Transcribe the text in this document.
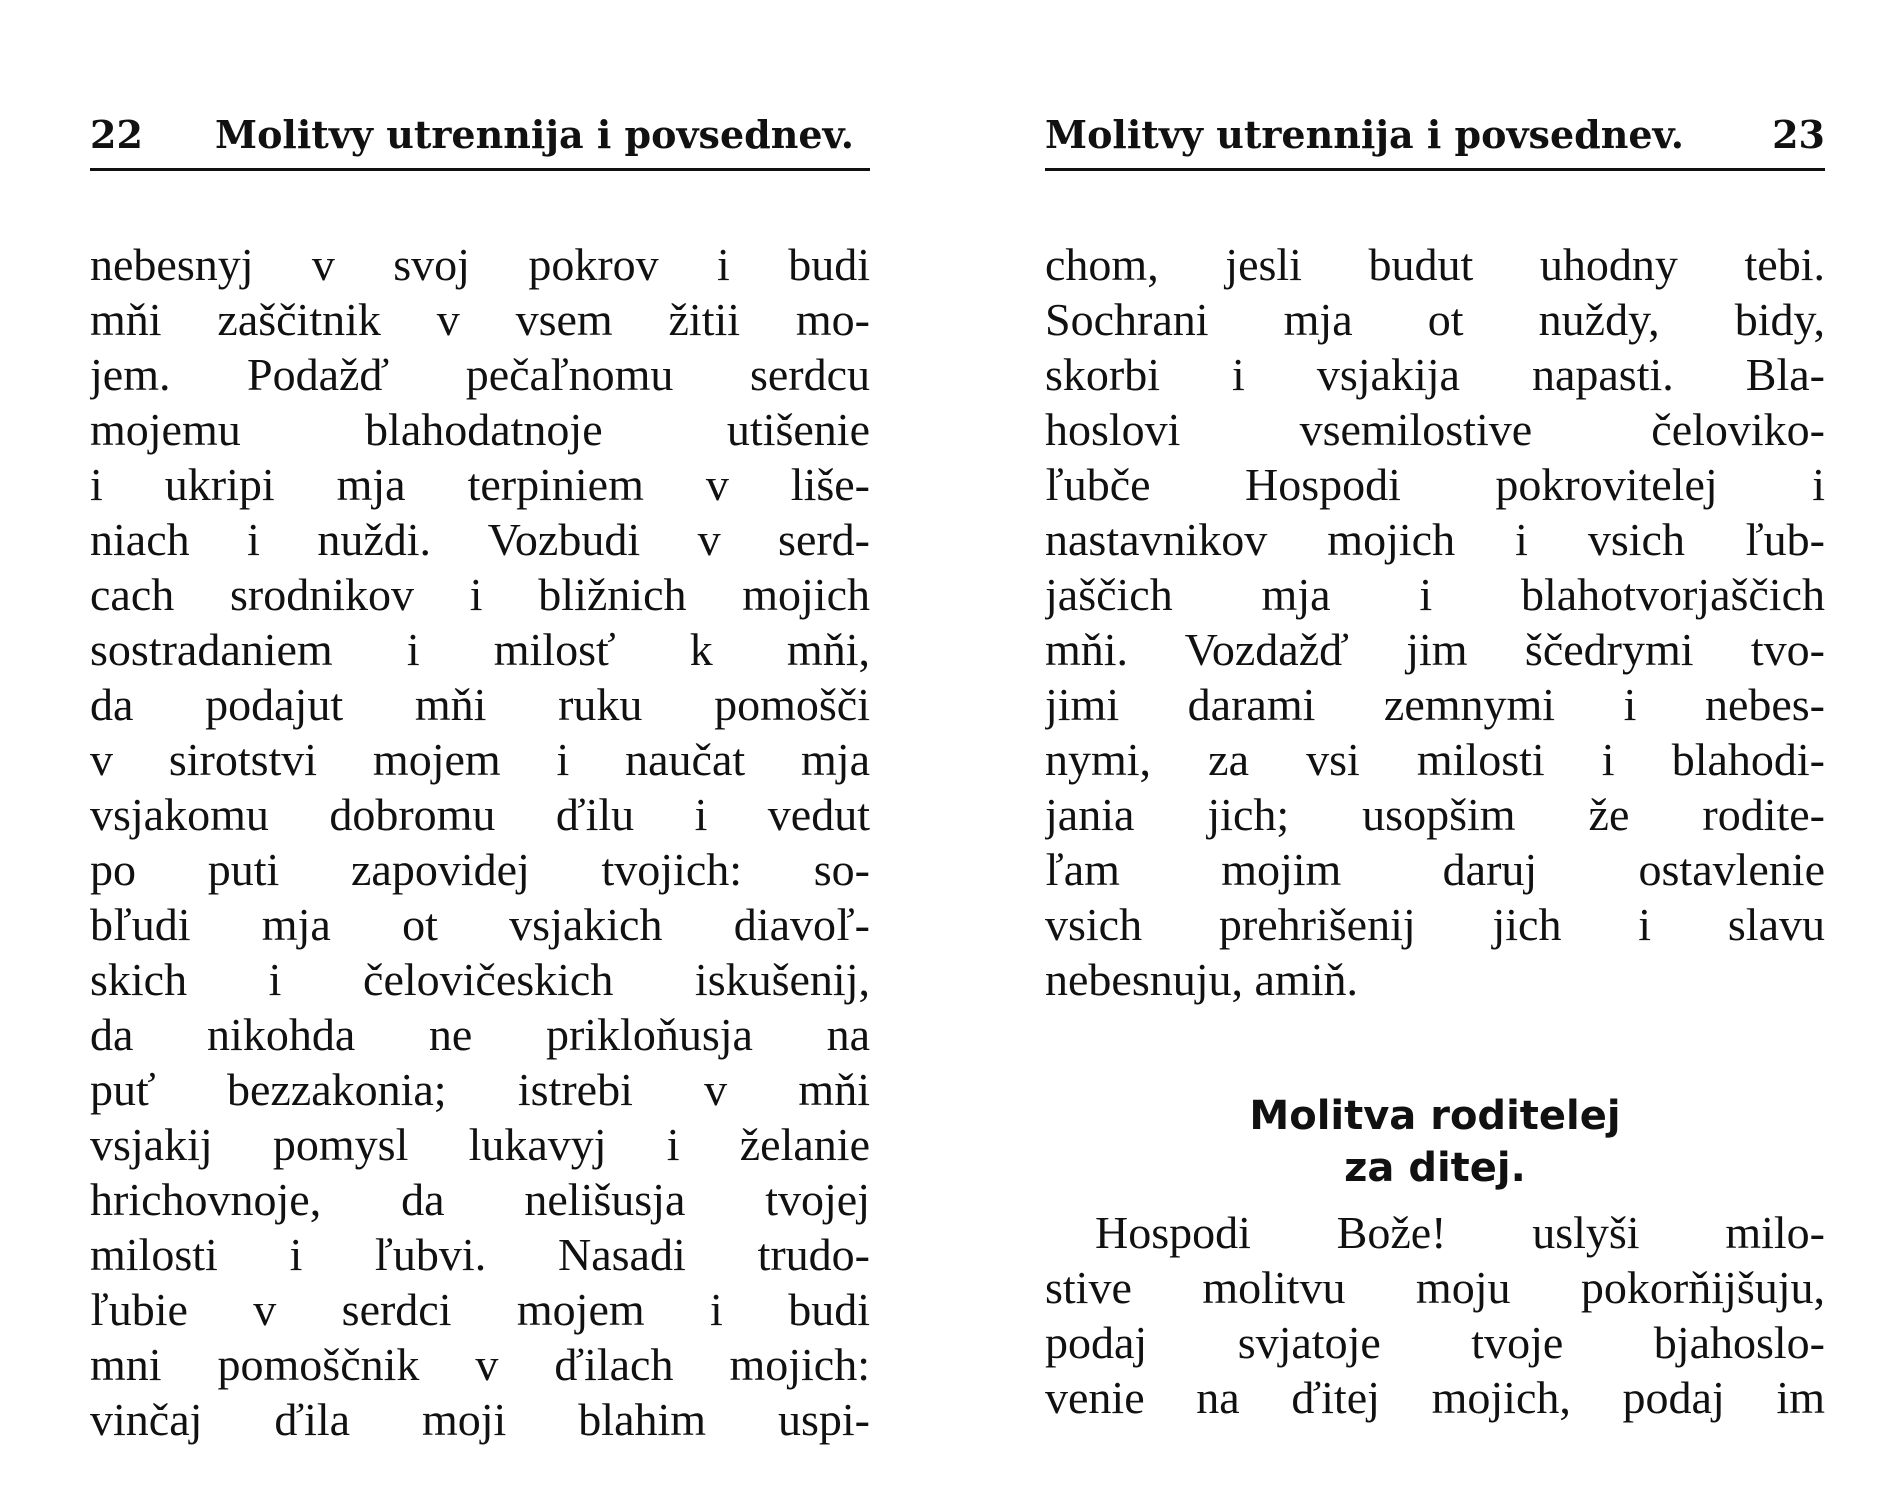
22 Molitvy utrennija i povsednev.
nebesnyj v svoj pokrov i budi
mňi zaščitnik v vsem žitii mo-
jem. Podažď pečaľnomu serdcu
mojemu blahodatnoje utišenie
i ukripi mja terpiniem v liše-
niach i nuždi. Vozbudi v serd-
cach srodnikov i bližnich mojich
sostradaniem i milosť k mňi,
da podajut mňi ruku pomošči
v sirotstvi mojem i naučat mja
vsjakomu dobromu ďilu i vedut
po puti zapovidej tvojich: so-
bľudi mja ot vsjakich diavoľ-
skich i čelovičeskich iskušenij,
da nikohda ne prikloňusja na
puť bezzakonia; istrebi v mňi
vsjakij pomysl lukavyj i želanie
hrichovnoje, da nelišusja tvojej
milosti i ľubvi. Nasadi trudo-
ľubie v serdci mojem i budi
mni pomoščnik v ďilach mojich:
vinčaj ďila moji blahim uspi-
Molitvy utrennija i povsednev. 23
chom, jesli budut uhodny tebi.
Sochrani mja ot nuždy, bidy,
skorbi i vsjakija napasti. Bla-
hoslovi vsemilostive čeloviko-
ľubče Hospodi pokrovitelej i
nastavnikov mojich i vsich ľub-
jaščich mja i blahotvorjaščich
mňi. Vozdažď jim ščedrymi tvo-
jimi darami zemnymi i nebes-
nymi, za vsi milosti i blahodi-
jania jich; usopšim že rodite-
ľam mojim daruj ostavlenie
vsich prehrišenij jich i slavu
nebesnuju, amiň.
Molitva roditelej
za ditej.
Hospodi Bože! uslyši milo-
stive molitvu moju pokorňijšuju,
podaj svjatoje tvoje bjahoslo-
venie na ďitej mojich, podaj im
